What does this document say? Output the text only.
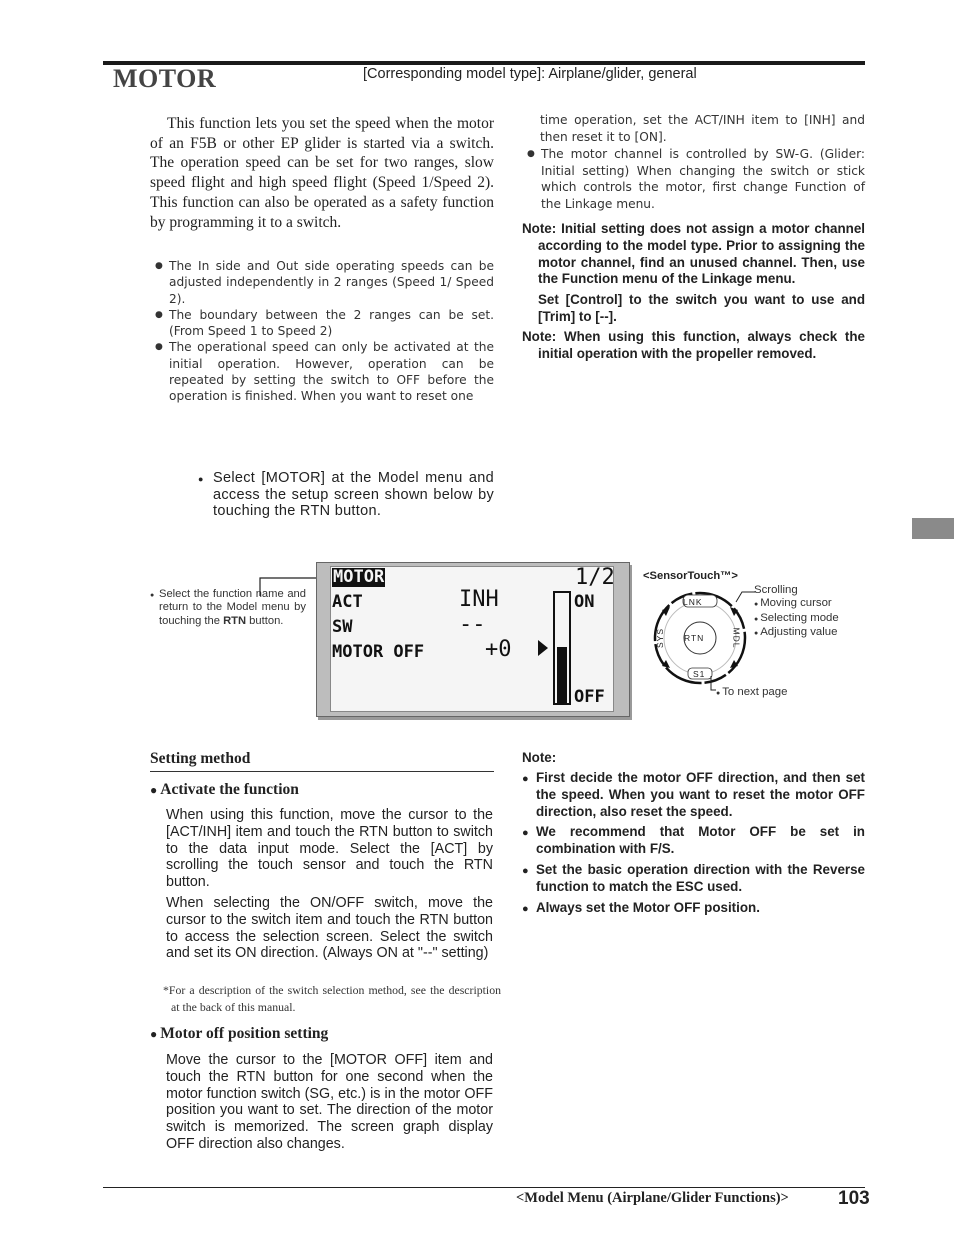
MOTOR	[Corresponding model type]: Airplane/glider, general
This function lets you set the speed when the motor of an F5B or other EP glider is started via a switch. The operation speed can be set for two ranges, slow speed flight and high speed flight (Speed 1/Speed 2). This function can also be operated as a safety function by programming it to a switch.
● The In side and Out side operating speeds can be adjusted independently in 2 ranges (Speed 1/ Speed 2).
● The boundary between the 2 ranges can be set. (From Speed 1 to Speed 2)
● The operational speed can only be activated at the initial operation. However, operation can be repeated by setting the switch to OFF before the operation is finished. When you want to reset one
time operation, set the ACT/INH item to [INH] and then reset it to [ON].
● The motor channel is controlled by SW-G. (Glider: Initial setting) When changing the switch or stick which controls the motor, first change Function of the Linkage menu.
Note: Initial setting does not assign a motor channel according to the model type. Prior to assigning the motor channel, find an unused channel. Then, use the Function menu of the Linkage menu.
Set [Control] to the switch you want to use and [Trim] to [--].
Note: When using this function, always check the initial operation with the propeller removed.
● Select [MOTOR] at the Model menu and access the setup screen shown below by touching the RTN button.
● Select the function name and return to the Model menu by touching the RTN button.
MOTOR	1/2
ACT	INH
SW	--
MOTOR OFF	+0
ON
OFF
<SensorTouch™>
LNK
RTN
SYS	MDL
S1
Scrolling
● Moving cursor
● Selecting mode
● Adjusting value
● To next page
Setting method
● Activate the function
When using this function, move the cursor to the [ACT/INH] item and touch the RTN button to switch to the data input mode. Select the [ACT] by scrolling the touch sensor and touch the RTN button.
When selecting the ON/OFF switch, move the cursor to the switch item and touch the RTN button to access the selection screen. Select the switch and set its ON direction. (Always ON at "--" setting)
*For a description of the switch selection method, see the description at the back of this manual.
● Motor off position setting
Move the cursor to the [MOTOR OFF] item and touch the RTN button for one second when the motor function switch (SG, etc.) is in the motor OFF position you want to set. The direction of the motor switch is memorized. The screen graph display OFF direction also changes.
Note:
● First decide the motor OFF direction, and then set the speed. When you want to reset the motor OFF direction, also reset the speed.
● We recommend that Motor OFF be set in combination with F/S.
● Set the basic operation direction with the Reverse function to match the ESC used.
● Always set the Motor OFF position.
<Model Menu (Airplane/Glider Functions)>	103
